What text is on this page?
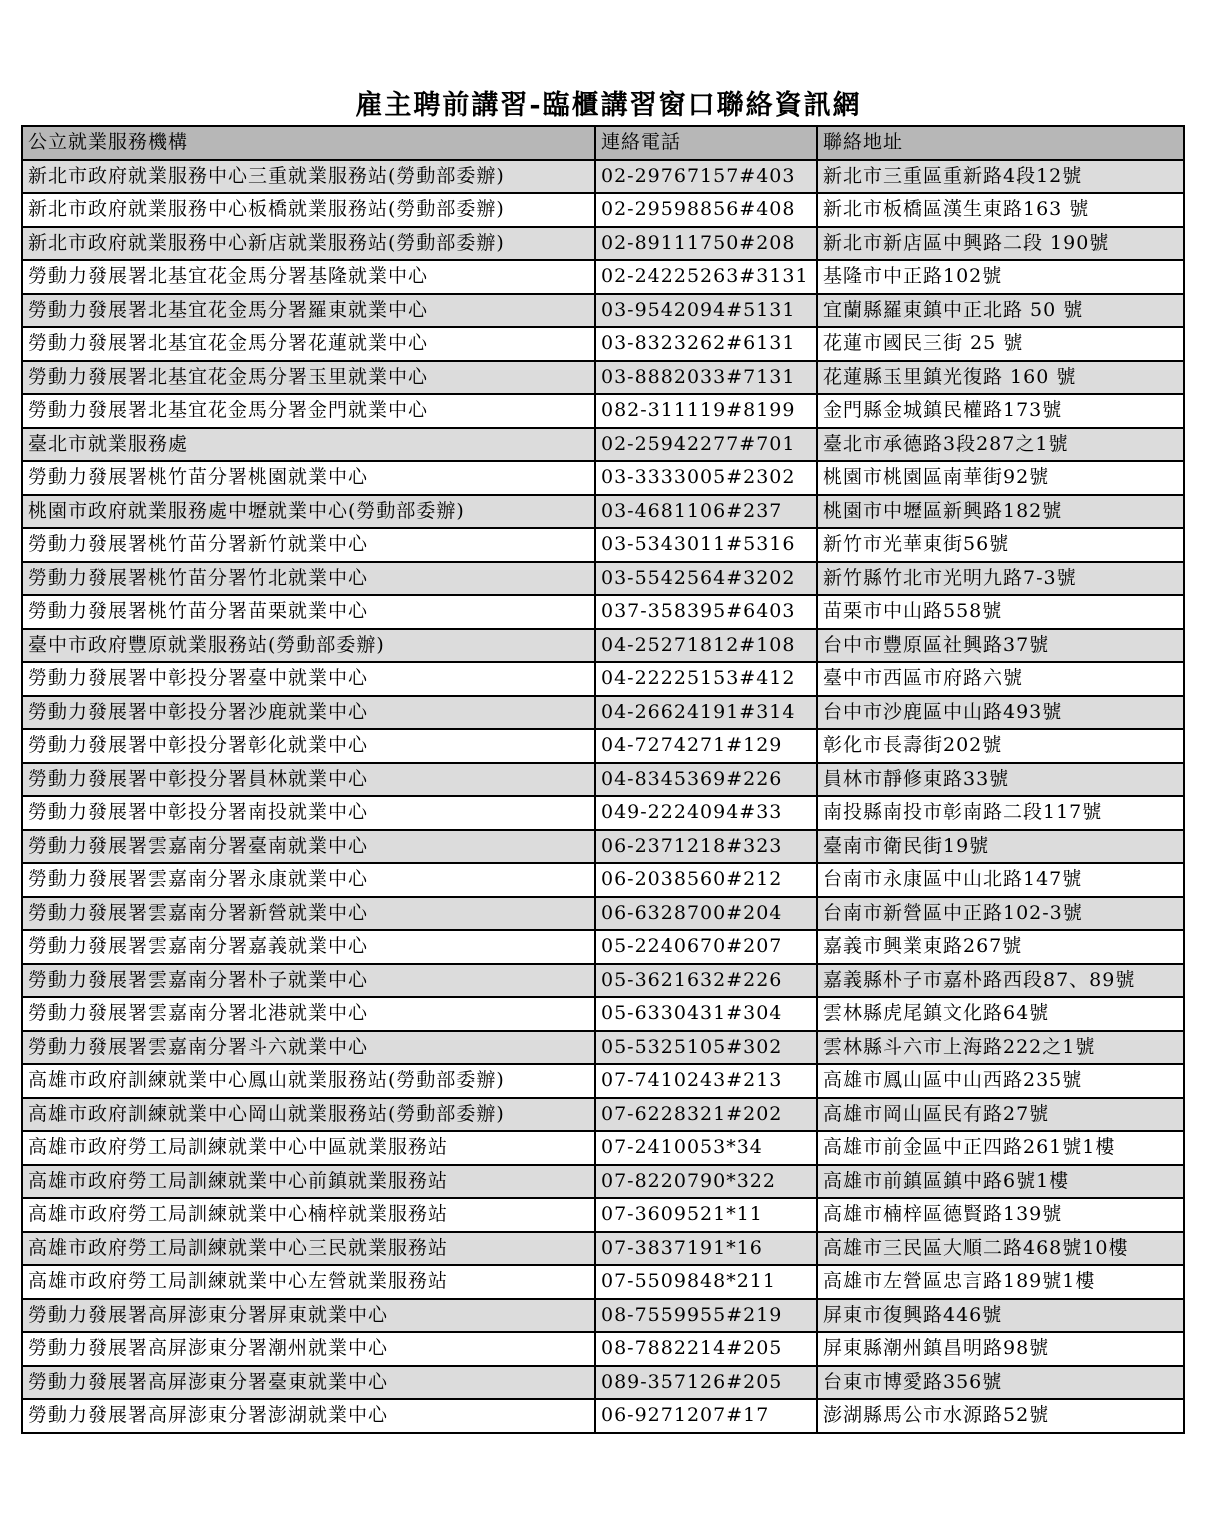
雇主聘前講習-臨櫃講習窗口聯絡資訊網
公立就業服務機構	連絡電話	聯絡地址
新北市政府就業服務中心三重就業服務站(勞動部委辦)	02-29767157#403	新北市三重區重新路4段12號
新北市政府就業服務中心板橋就業服務站(勞動部委辦)	02-29598856#408	新北市板橋區漢生東路163 號
新北市政府就業服務中心新店就業服務站(勞動部委辦)	02-89111750#208	新北市新店區中興路二段 190號
勞動力發展署北基宜花金馬分署基隆就業中心	02-24225263#3131	基隆市中正路102號
勞動力發展署北基宜花金馬分署羅東就業中心	03-9542094#5131	宜蘭縣羅東鎮中正北路 50 號
勞動力發展署北基宜花金馬分署花蓮就業中心	03-8323262#6131	花蓮市國民三街 25 號
勞動力發展署北基宜花金馬分署玉里就業中心	03-8882033#7131	花蓮縣玉里鎮光復路 160 號
勞動力發展署北基宜花金馬分署金門就業中心	082-311119#8199	金門縣金城鎮民權路173號
臺北市就業服務處	02-25942277#701	臺北市承德路3段287之1號
勞動力發展署桃竹苗分署桃園就業中心	03-3333005#2302	桃園市桃園區南華街92號
桃園市政府就業服務處中壢就業中心(勞動部委辦)	03-4681106#237	桃園市中壢區新興路182號
勞動力發展署桃竹苗分署新竹就業中心	03-5343011#5316	新竹市光華東街56號
勞動力發展署桃竹苗分署竹北就業中心	03-5542564#3202	新竹縣竹北市光明九路7-3號
勞動力發展署桃竹苗分署苗栗就業中心	037-358395#6403	苗栗市中山路558號
臺中市政府豐原就業服務站(勞動部委辦)	04-25271812#108	台中市豐原區社興路37號
勞動力發展署中彰投分署臺中就業中心	04-22225153#412	臺中市西區市府路六號
勞動力發展署中彰投分署沙鹿就業中心	04-26624191#314	台中市沙鹿區中山路493號
勞動力發展署中彰投分署彰化就業中心	04-7274271#129	彰化市長壽街202號
勞動力發展署中彰投分署員林就業中心	04-8345369#226	員林市靜修東路33號
勞動力發展署中彰投分署南投就業中心	049-2224094#33	南投縣南投市彰南路二段117號
勞動力發展署雲嘉南分署臺南就業中心	06-2371218#323	臺南市衛民街19號
勞動力發展署雲嘉南分署永康就業中心	06-2038560#212	台南市永康區中山北路147號
勞動力發展署雲嘉南分署新營就業中心	06-6328700#204	台南市新營區中正路102-3號
勞動力發展署雲嘉南分署嘉義就業中心	05-2240670#207	嘉義市興業東路267號
勞動力發展署雲嘉南分署朴子就業中心	05-3621632#226	嘉義縣朴子市嘉朴路西段87、89號
勞動力發展署雲嘉南分署北港就業中心	05-6330431#304	雲林縣虎尾鎮文化路64號
勞動力發展署雲嘉南分署斗六就業中心	05-5325105#302	雲林縣斗六市上海路222之1號
高雄市政府訓練就業中心鳳山就業服務站(勞動部委辦)	07-7410243#213	高雄市鳳山區中山西路235號
高雄市政府訓練就業中心岡山就業服務站(勞動部委辦)	07-6228321#202	高雄市岡山區民有路27號
高雄市政府勞工局訓練就業中心中區就業服務站	07-2410053*34	高雄市前金區中正四路261號1樓
高雄市政府勞工局訓練就業中心前鎮就業服務站	07-8220790*322	高雄市前鎮區鎮中路6號1樓
高雄市政府勞工局訓練就業中心楠梓就業服務站	07-3609521*11	高雄市楠梓區德賢路139號
高雄市政府勞工局訓練就業中心三民就業服務站	07-3837191*16	高雄市三民區大順二路468號10樓
高雄市政府勞工局訓練就業中心左營就業服務站	07-5509848*211	高雄市左營區忠言路189號1樓
勞動力發展署高屏澎東分署屏東就業中心	08-7559955#219	屏東市復興路446號
勞動力發展署高屏澎東分署潮州就業中心	08-7882214#205	屏東縣潮州鎮昌明路98號
勞動力發展署高屏澎東分署臺東就業中心	089-357126#205	台東市博愛路356號
勞動力發展署高屏澎東分署澎湖就業中心	06-9271207#17	澎湖縣馬公市水源路52號
